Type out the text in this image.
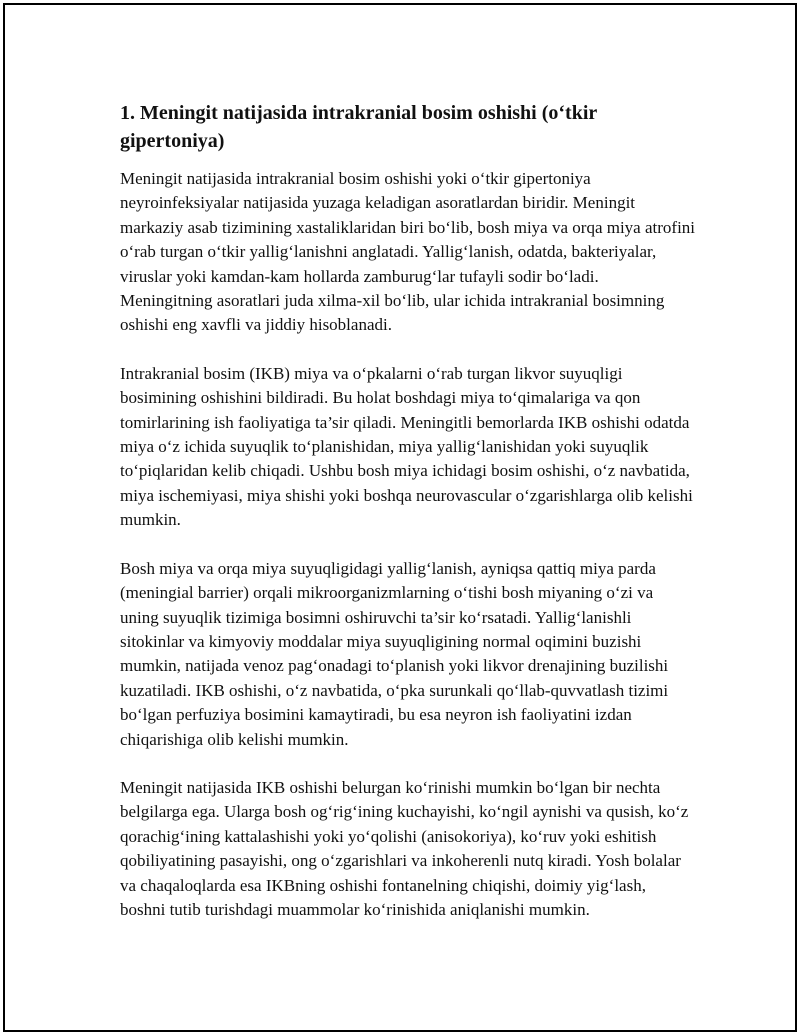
1. Meningit natijasida intrakranial bosim oshishi (o‘tkir gipertoniya)

Meningit natijasida intrakranial bosim oshishi yoki o‘tkir gipertoniya neyroinfeksiyalar natijasida yuzaga keladigan asoratlardan biridir. Meningit markaziy asab tizimining xastaliklaridan biri bo‘lib, bosh miya va orqa miya atrofini o‘rab turgan o‘tkir yallig‘lanishni anglatadi. Yallig‘lanish, odatda, bakteriyalar, viruslar yoki kamdan-kam hollarda zamburug‘lar tufayli sodir bo‘ladi. Meningitning asoratlari juda xilma-xil bo‘lib, ular ichida intrakranial bosimning oshishi eng xavfli va jiddiy hisoblanadi.

Intrakranial bosim (IKB) miya va o‘pkalarni o‘rab turgan likvor suyuqligi bosimining oshishini bildiradi. Bu holat boshdagi miya to‘qimalariga va qon tomirlarining ish faoliyatiga ta’sir qiladi. Meningitli bemorlarda IKB oshishi odatda miya o‘z ichida suyuqlik to‘planishidan, miya yallig‘lanishidan yoki suyuqlik to‘piqlaridan kelib chiqadi. Ushbu bosh miya ichidagi bosim oshishi, o‘z navbatida, miya ischemiyasi, miya shishi yoki boshqa neurovascular o‘zgarishlarga olib kelishi mumkin.

Bosh miya va orqa miya suyuqligidagi yallig‘lanish, ayniqsa qattiq miya parda (meningial barrier) orqali mikroorganizmlarning o‘tishi bosh miyaning o‘zi va uning suyuqlik tizimiga bosimni oshiruvchi ta’sir ko‘rsatadi. Yallig‘lanishli sitokinlar va kimyoviy moddalar miya suyuqligining normal oqimini buzishi mumkin, natijada venoz pag‘onadagi to‘planish yoki likvor drenajining buzilishi kuzatiladi. IKB oshishi, o‘z navbatida, o‘pka surunkali qo‘llab-quvvatlash tizimi bo‘lgan perfuziya bosimini kamaytiradi, bu esa neyron ish faoliyatini izdan chiqarishiga olib kelishi mumkin.

Meningit natijasida IKB oshishi belurgan ko‘rinishi mumkin bo‘lgan bir nechta belgilarga ega. Ularga bosh og‘rig‘ining kuchayishi, ko‘ngil aynishi va qusish, ko‘z qorachig‘ining kattalashishi yoki yo‘qolishi (anisokoriya), ko‘ruv yoki eshitish qobiliyatining pasayishi, ong o‘zgarishlari va inkoherenli nutq kiradi. Yosh bolalar va chaqaloqlarda esa IKBning oshishi fontanelning chiqishi, doimiy yig‘lash, boshni tutib turishdagi muammolar ko‘rinishida aniqlanishi mumkin.
